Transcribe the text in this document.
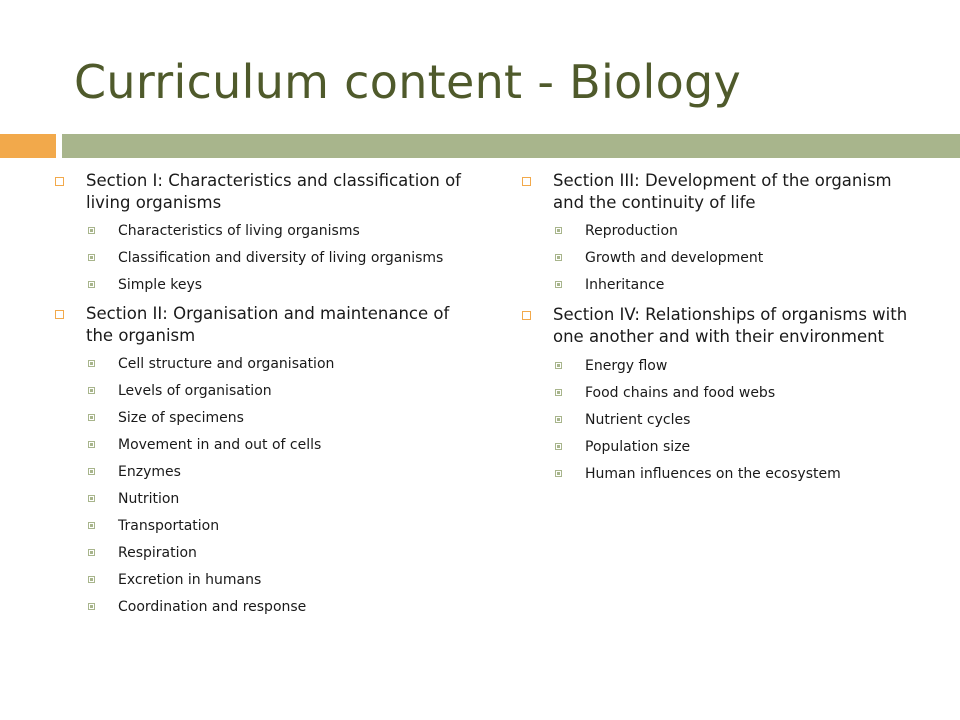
Curriculum content - Biology
Section I: Characteristics and classification of living organisms
Characteristics of living organisms
Classification and diversity of living organisms
Simple keys
Section II: Organisation and maintenance of the organism
Cell structure and organisation
Levels of organisation
Size of specimens
Movement in and out of cells
Enzymes
Nutrition
Transportation
Respiration
Excretion in humans
Coordination and response
Section III: Development of the organism and the continuity of life
Reproduction
Growth and development
Inheritance
Section IV: Relationships of organisms with one another and with their environment
Energy flow
Food chains and food webs
Nutrient cycles
Population size
Human influences on the ecosystem
